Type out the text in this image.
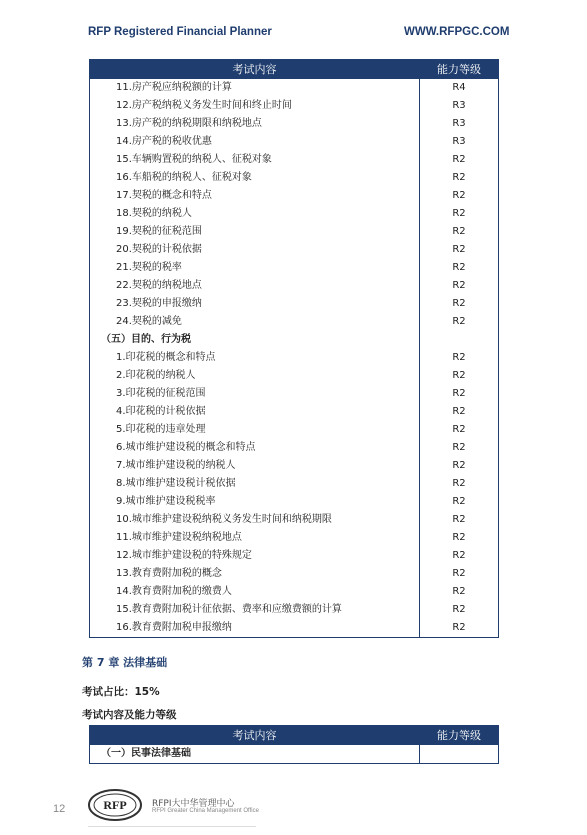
RFP Registered Financial Planner	WWW.RFPGC.COM
考试内容	能力等级
11.房产税应纳税额的计算	R4
12.房产税纳税义务发生时间和终止时间	R3
13.房产税的纳税期限和纳税地点	R3
14.房产税的税收优惠	R3
15.车辆购置税的纳税人、征税对象	R2
16.车船税的纳税人、征税对象	R2
17.契税的概念和特点	R2
18.契税的纳税人	R2
19.契税的征税范围	R2
20.契税的计税依据	R2
21.契税的税率	R2
22.契税的纳税地点	R2
23.契税的申报缴纳	R2
24.契税的减免	R2
（五）目的、行为税	
1.印花税的概念和特点	R2
2.印花税的纳税人	R2
3.印花税的征税范围	R2
4.印花税的计税依据	R2
5.印花税的违章处理	R2
6.城市维护建设税的概念和特点	R2
7.城市维护建设税的纳税人	R2
8.城市维护建设税计税依据	R2
9.城市维护建设税税率	R2
10.城市维护建设税纳税义务发生时间和纳税期限	R2
11.城市维护建设税纳税地点	R2
12.城市维护建设税的特殊规定	R2
13.教育费附加税的概念	R2
14.教育费附加税的缴费人	R2
15.教育费附加税计征依据、费率和应缴费额的计算	R2
16.教育费附加税申报缴纳	R2
第 7 章 法律基础
考试占比：15%
考试内容及能力等级
考试内容	能力等级
（一）民事法律基础	
12	RFP	RFPI大中华管理中心
RFPI Greater China Management Office
